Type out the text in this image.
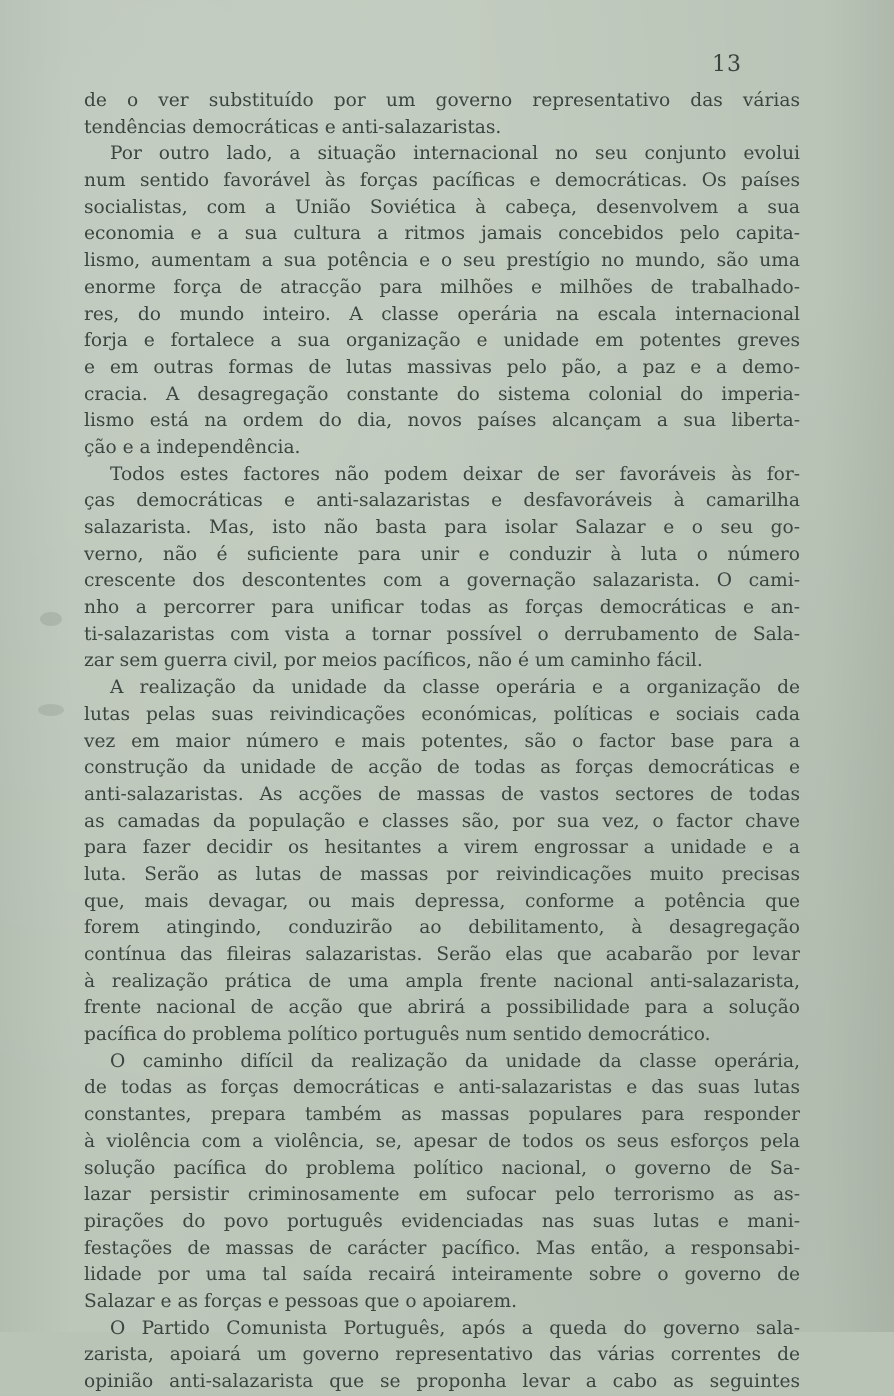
13
de o ver substituído por um governo representativo das várias
tendências democráticas e anti-salazaristas.
Por outro lado, a situação internacional no seu conjunto evolui
num sentido favorável às forças pacíficas e democráticas. Os países
socialistas, com a União Soviética à cabeça, desenvolvem a sua
economia e a sua cultura a ritmos jamais concebidos pelo capita-
lismo, aumentam a sua potência e o seu prestígio no mundo, são uma
enorme força de atracção para milhões e milhões de trabalhado-
res, do mundo inteiro. A classe operária na escala internacional
forja e fortalece a sua organização e unidade em potentes greves
e em outras formas de lutas massivas pelo pão, a paz e a demo-
cracia. A desagregação constante do sistema colonial do imperia-
lismo está na ordem do dia, novos países alcançam a sua liberta-
ção e a independência.
Todos estes factores não podem deixar de ser favoráveis às for-
ças democráticas e anti-salazaristas e desfavoráveis à camarilha
salazarista. Mas, isto não basta para isolar Salazar e o seu go-
verno, não é suficiente para unir e conduzir à luta o número
crescente dos descontentes com a governação salazarista. O cami-
nho a percorrer para unificar todas as forças democráticas e an-
ti-salazaristas com vista a tornar possível o derrubamento de Sala-
zar sem guerra civil, por meios pacíficos, não é um caminho fácil.
A realização da unidade da classe operária e a organização de
lutas pelas suas reivindicações económicas, políticas e sociais cada
vez em maior número e mais potentes, são o factor base para a
construção da unidade de acção de todas as forças democráticas e
anti-salazaristas. As acções de massas de vastos sectores de todas
as camadas da população e classes são, por sua vez, o factor chave
para fazer decidir os hesitantes a virem engrossar a unidade e a
luta. Serão as lutas de massas por reivindicações muito precisas
que, mais devagar, ou mais depressa, conforme a potência que
forem atingindo, conduzirão ao debilitamento, à desagregação
contínua das fileiras salazaristas. Serão elas que acabarão por levar
à realização prática de uma ampla frente nacional anti-salazarista,
frente nacional de acção que abrirá a possibilidade para a solução
pacífica do problema político português num sentido democrático.
O caminho difícil da realização da unidade da classe operária,
de todas as forças democráticas e anti-salazaristas e das suas lutas
constantes, prepara também as massas populares para responder
à violência com a violência, se, apesar de todos os seus esforços pela
solução pacífica do problema político nacional, o governo de Sa-
lazar persistir criminosamente em sufocar pelo terrorismo as as-
pirações do povo português evidenciadas nas suas lutas e mani-
festações de massas de carácter pacífico. Mas então, a responsabi-
lidade por uma tal saída recairá inteiramente sobre o governo de
Salazar e as forças e pessoas que o apoiarem.
O Partido Comunista Português, após a queda do governo sala-
zarista, apoiará um governo representativo das várias correntes de
opinião anti-salazarista que se proponha levar a cabo as seguintes
